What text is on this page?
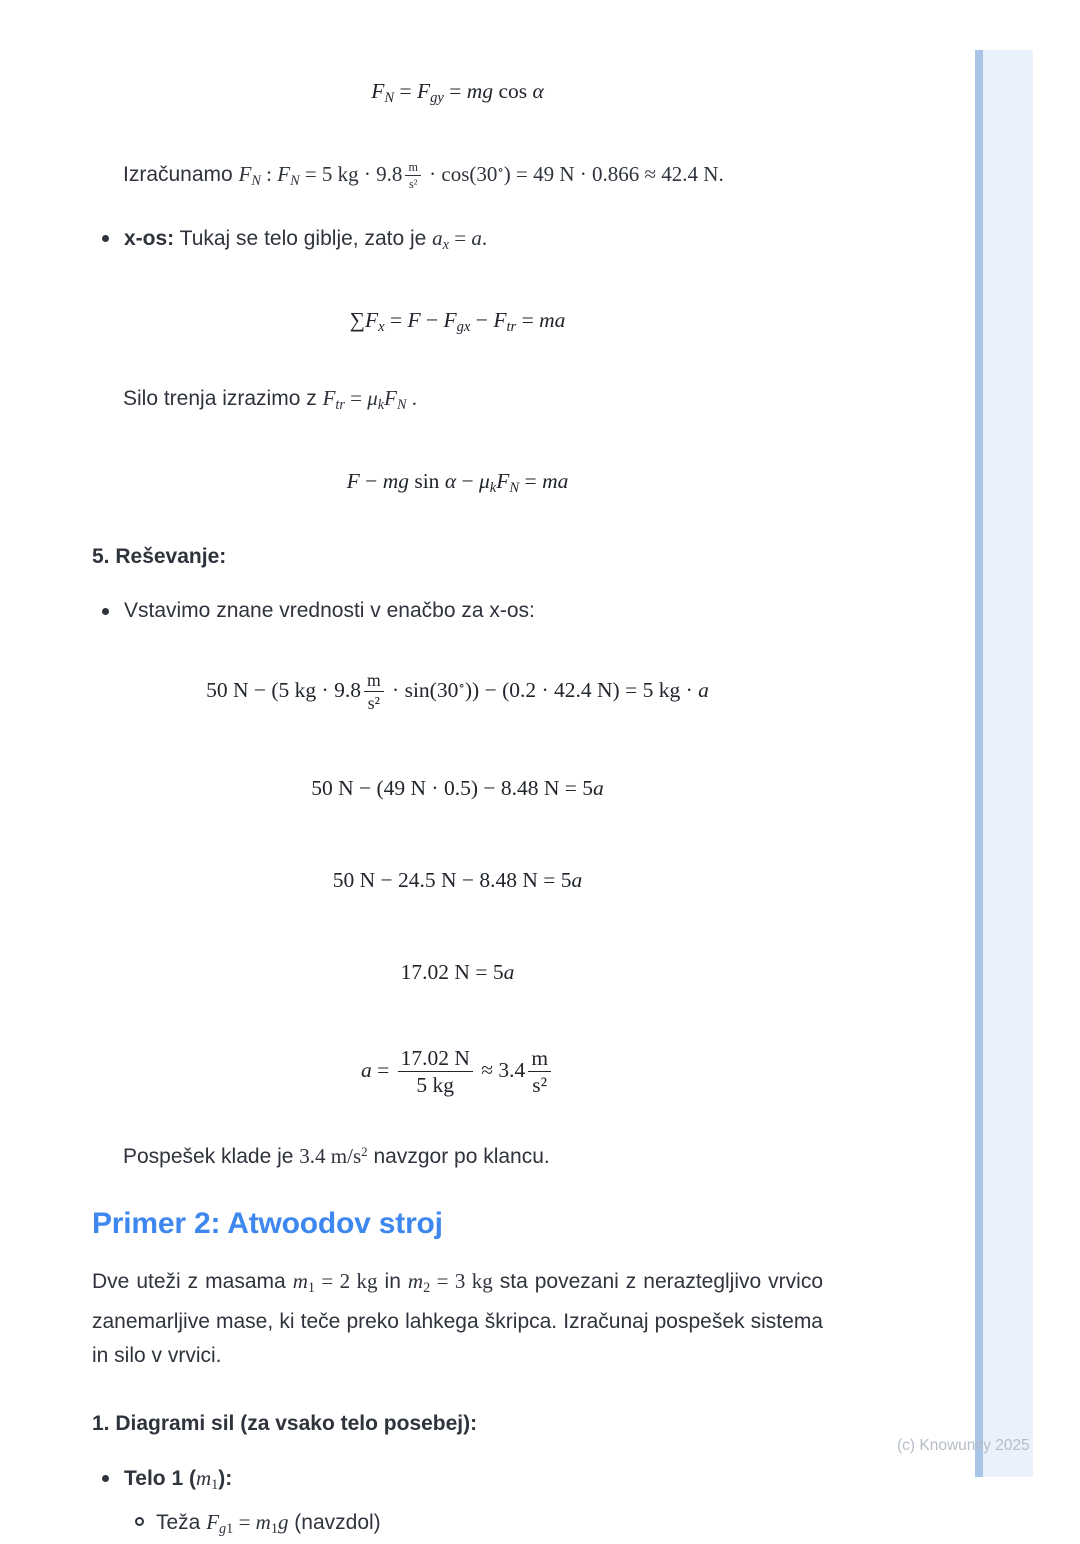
FN = Fgy = mg cos α
Izračunamo FN : FN = 5 kg · $9.8 \frac{m}{\text{s²}} \cdot \cos(30^\circ) = 49$ N · 0.866 ≈ 42.4 N.
x-os: Tukaj se telo giblje, zato je ax = a.
∑Fx = F − Fgx − Ftr = ma
Silo trenja izrazimo z Ftr = μkFN .
F − mg sin α − μkFN = ma
5. Reševanje:
Vstavimo znane vrednosti v enačbo za x-os:
50 N − (5 kg · $9.8 \frac{m}{\text{s²}} \cdot \sin(30^\circ)) - (0.2 \cdot 42.4$ N) = 5 kg · a
50 N − (49 N · 0.5) − 8.48 N = 5a
50 N − 24.5 N − 8.48 N = 5a
17.02 N = 5a
$a = \frac{17.02 N}{5 kg} \approx 3.4 \frac{m}{\text{s²}}$
Pospešek klade je 3.4 $m/s^2$ navzgor po klancu.
Primer 2: Atwoodov stroj
Dve uteži z masama m1 = 2 kg in m2 = 3 kg sta povezani z neraztegljivo vrvico zanemarljive mase, ki teče preko lahkega škripca. Izračunaj pospešek sistema in silo v vrvici.
1. Diagrami sil (za vsako telo posebej):
Telo 1 (m1):
Teža Fg1 = m1g (navzdol)
(c) Knowunity 2025
